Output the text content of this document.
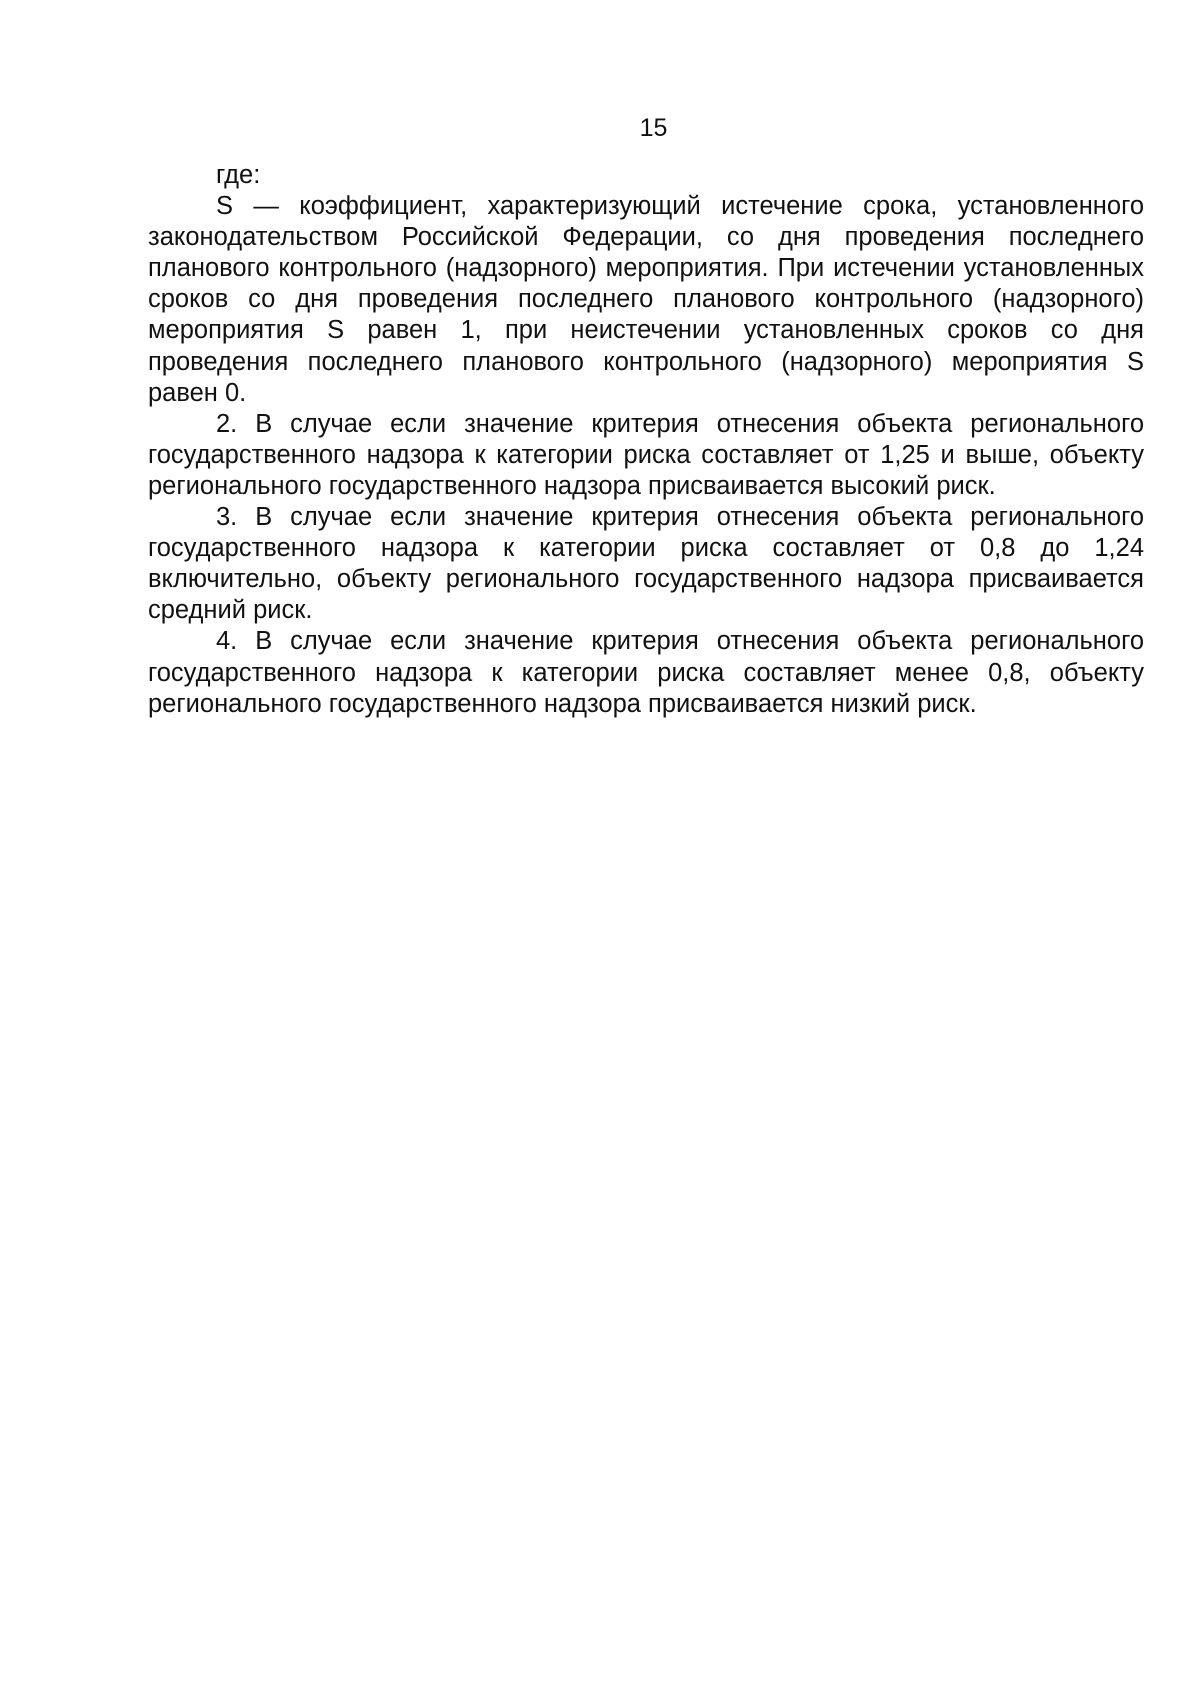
15

где:

S — коэффициент, характеризующий истечение срока, установленного законодательством Российской Федерации, со дня проведения последнего планового контрольного (надзорного) мероприятия. При истечении установленных сроков со дня проведения последнего планового контрольного (надзорного) мероприятия S равен 1, при неистечении установленных сроков со дня проведения последнего планового контрольного (надзорного) мероприятия S равен 0.

2. В случае если значение критерия отнесения объекта регионального государственного надзора к категории риска составляет от 1,25 и выше, объекту регионального государственного надзора присваивается высокий риск.

3. В случае если значение критерия отнесения объекта регионального государственного надзора к категории риска составляет от 0,8 до 1,24 включительно, объекту регионального государственного надзора присваивается средний риск.

4. В случае если значение критерия отнесения объекта регионального государственного надзора к категории риска составляет менее 0,8, объекту регионального государственного надзора присваивается низкий риск.
